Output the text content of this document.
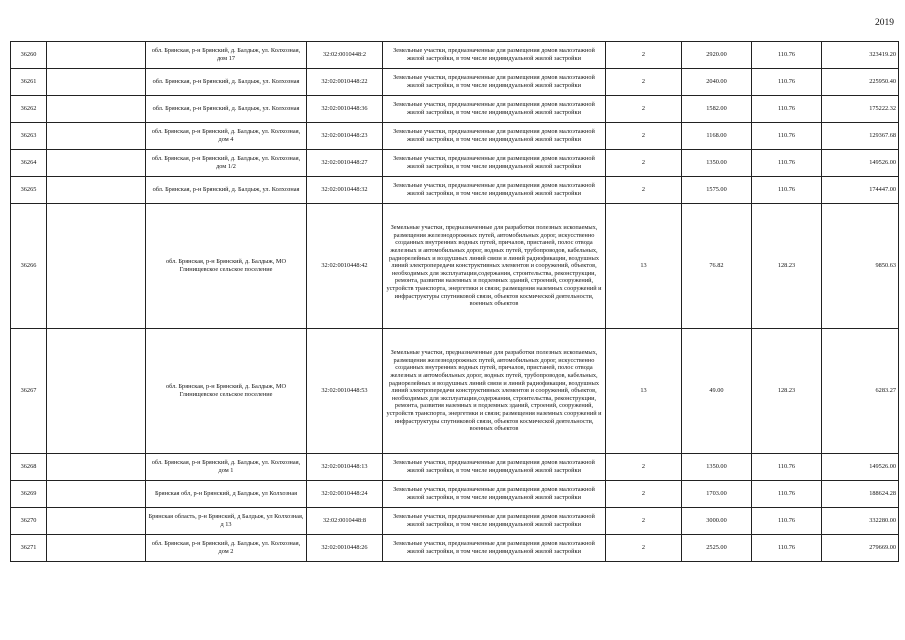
2019
36260		обл. Брянская, р-н Брянский, д. Балдыж, ул. Колхозная, дом 17	32:02:0010448:2	Земельные участки, предназначенные для размещения домов малоэтажной жилой застройки, в том числе индивидуальной жилой застройки	2	2920.00	110.76	323419.20
36261		обл. Брянская, р-н Брянский, д. Балдыж, ул. Колхозная	32:02:0010448:22	Земельные участки, предназначенные для размещения домов малоэтажной жилой застройки, в том числе индивидуальной жилой застройки	2	2040.00	110.76	225950.40
36262		обл. Брянская, р-н Брянский, д. Балдыж, ул. Колхозная	32:02:0010448:36	Земельные участки, предназначенные для размещения домов малоэтажной жилой застройки, в том числе индивидуальной жилой застройки	2	1582.00	110.76	175222.32
36263		обл. Брянская, р-н Брянский, д. Балдыж, ул. Колхозная, дом 4	32:02:0010448:23	Земельные участки, предназначенные для размещения домов малоэтажной жилой застройки, в том числе индивидуальной жилой застройки	2	1168.00	110.76	129367.68
36264		обл. Брянская, р-н Брянский, д. Балдыж, ул. Колхозная, дом 1/2	32:02:0010448:27	Земельные участки, предназначенные для размещения домов малоэтажной жилой застройки, в том числе индивидуальной жилой застройки	2	1350.00	110.76	149526.00
36265		обл. Брянская, р-н Брянский, д. Балдыж, ул. Колхозная	32:02:0010448:32	Земельные участки, предназначенные для размещения домов малоэтажной жилой застройки, в том числе индивидуальной жилой застройки	2	1575.00	110.76	174447.00
36266		обл. Брянская, р-н Брянский, д. Балдыж, МО Глинищевское сельское поселение	32:02:0010448:42	Земельные участки, предназначенные для разработки полезных ископаемых, размещения железнодорожных путей, автомобильных дорог, искусственно созданных внутренних водных путей, причалов, пристаней, полос отвода железных и автомобильных дорог, водных путей, трубопроводов, кабельных, радиорелейных и воздушных линий связи и линий радиофикации, воздушных линий электропередачи конструктивных элементов и сооружений, объектов, необходимых для эксплуатации,содержания, строительства, реконструкции, ремонта, развития наземных и подземных зданий, строений, сооружений, устройств транспорта, энергетики и связи; размещения наземных сооружений и инфраструктуры спутниковой связи, объектов космической деятельности, военных объектов	13	76.82	128.23	9850.63
36267		обл. Брянская, р-н Брянский, д. Балдыж, МО Глинищевское сельское поселение	32:02:0010448:53	Земельные участки, предназначенные для разработки полезных ископаемых, размещения железнодорожных путей, автомобильных дорог, искусственно созданных внутренних водных путей, причалов, пристаней, полос отвода железных и автомобильных дорог, водных путей, трубопроводов, кабельных, радиорелейных и воздушных линий связи и линий радиофикации, воздушных линий электропередачи конструктивных элементов и сооружений, объектов, необходимых для эксплуатации,содержания, строительства, реконструкции, ремонта, развития наземных и подземных зданий, строений, сооружений, устройств транспорта, энергетики и связи; размещения наземных сооружений и инфраструктуры спутниковой связи, объектов космической деятельности, военных объектов	13	49.00	128.23	6283.27
36268		обл. Брянская, р-н Брянский, д. Балдыж, ул. Колхозная, дом 1	32:02:0010448:13	Земельные участки, предназначенные для размещения домов малоэтажной жилой застройки, в том числе индивидуальной жилой застройки	2	1350.00	110.76	149526.00
36269		Брянская обл, р-н Брянский, д Балдыж, ул Колхозная	32:02:0010448:24	Земельные участки, предназначенные для размещения домов малоэтажной жилой застройки, в том числе индивидуальной жилой застройки	2	1703.00	110.76	188624.28
36270		Брянская область, р-н Брянский, д Балдыж, ул Колхозная, д 13	32:02:0010448:8	Земельные участки, предназначенные для размещения домов малоэтажной жилой застройки, в том числе индивидуальной жилой застройки	2	3000.00	110.76	332280.00
36271		обл. Брянская, р-н Брянский, д. Балдыж, ул. Колхозная, дом 2	32:02:0010448:26	Земельные участки, предназначенные для размещения домов малоэтажной жилой застройки, в том числе индивидуальной жилой застройки	2	2525.00	110.76	279669.00
